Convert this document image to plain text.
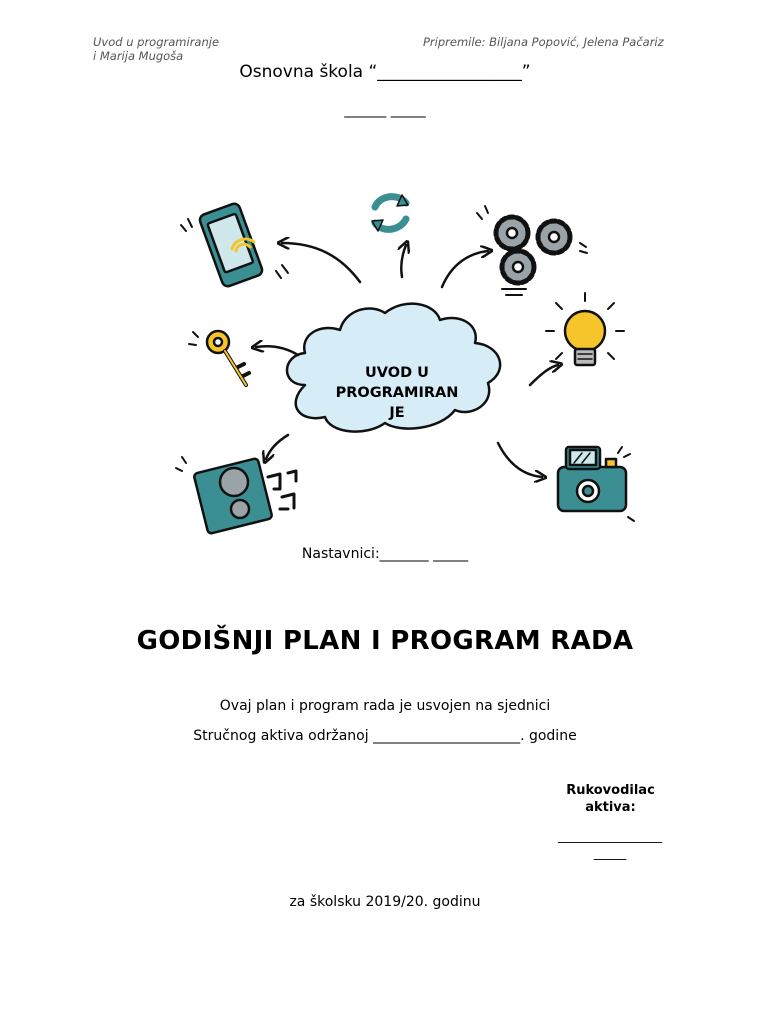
Uvod u programiranje
i Marija Mugoša
Pripremile: Biljana Popović, Jelena Pačariz
Osnovna škola “_________________”
______ _____
UVOD U
PROGRAMIRAN
JE
Nastavnici:_______ _____
GODIŠNJI PLAN I PROGRAM RADA
Ovaj plan i program rada je usvojen na sjednici
Stručnog aktiva održanoj _____________________. godine
Rukovodilac
aktiva:
________________
_____
za školsku 2019/20. godinu
